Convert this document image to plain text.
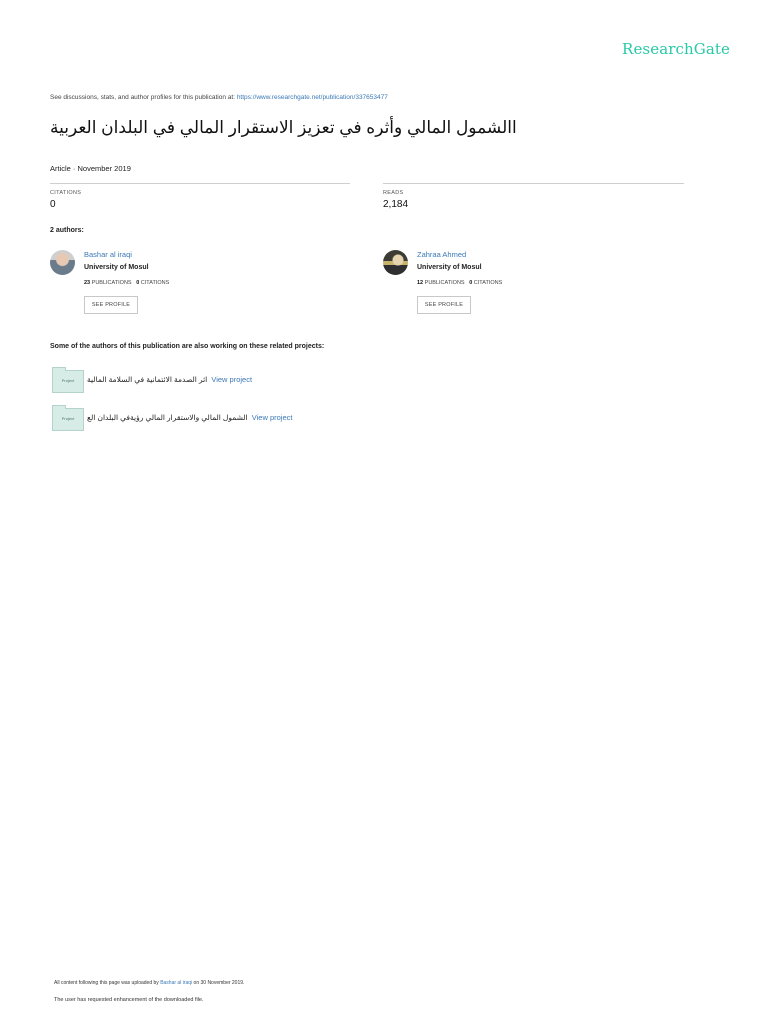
ResearchGate
See discussions, stats, and author profiles for this publication at: https://www.researchgate.net/publication/337653477
االشمول المالي وأثره في تعزيز الاستقرار المالي في البلدان العربية
Article · November 2019
CITATIONS
0
READS
2,184
2 authors:
Bashar al iraqi
University of Mosul
23 PUBLICATIONS 0 CITATIONS
SEE PROFILE
Zahraa Ahmed
University of Mosul
12 PUBLICATIONS 0 CITATIONS
SEE PROFILE
Some of the authors of this publication are also working on these related projects:
Project	اثر الصدمة الائتمانية في السلامة المالية View project
Project	الشمول المالي والاستقرار المالي رؤيةفي البلدان الع View project
All content following this page was uploaded by Bashar al iraqi on 30 November 2019.
The user has requested enhancement of the downloaded file.
